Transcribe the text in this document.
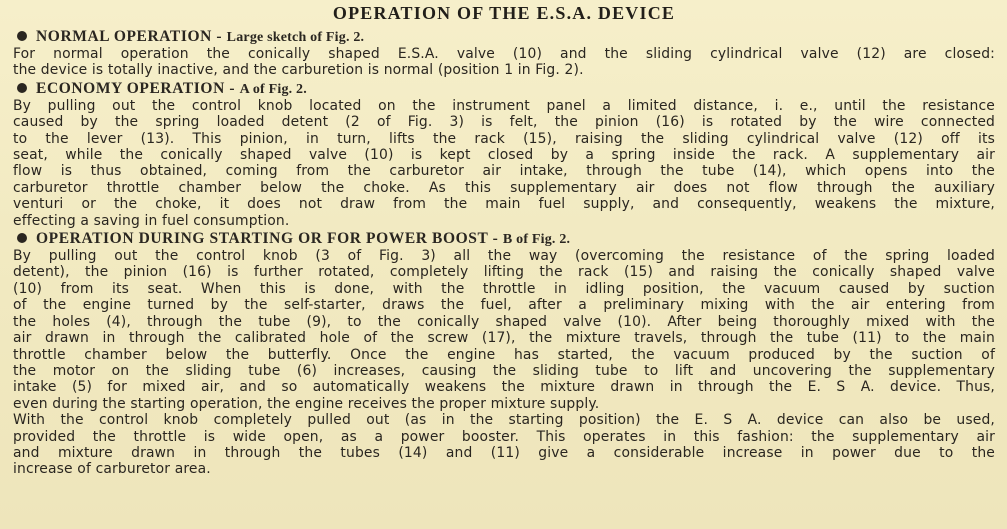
OPERATION OF THE E.S.A. DEVICE
NORMAL OPERATION - Large sketch of Fig. 2.
For normal operation the conically shaped E.S.A. valve (10) and the sliding cylindrical valve (12) are closed:
the device is totally inactive, and the carburetion is normal (position 1 in Fig. 2).
ECONOMY OPERATION - A of Fig. 2.
By pulling out the control knob located on the instrument panel a limited distance, i. e., until the resistance
caused by the spring loaded detent (2 of Fig. 3) is felt, the pinion (16) is rotated by the wire connected
to the lever (13). This pinion, in turn, lifts the rack (15), raising the sliding cylindrical valve (12) off its
seat, while the conically shaped valve (10) is kept closed by a spring inside the rack. A supplementary air
flow is thus obtained, coming from the carburetor air intake, through the tube (14), which opens into the
carburetor throttle chamber below the choke. As this supplementary air does not flow through the auxiliary
venturi or the choke, it does not draw from the main fuel supply, and consequently, weakens the mixture,
effecting a saving in fuel consumption.
OPERATION DURING STARTING OR FOR POWER BOOST - B of Fig. 2.
By pulling out the control knob (3 of Fig. 3) all the way (overcoming the resistance of the spring loaded
detent), the pinion (16) is further rotated, completely lifting the rack (15) and raising the conically shaped valve
(10) from its seat. When this is done, with the throttle in idling position, the vacuum caused by suction
of the engine turned by the self-starter, draws the fuel, after a preliminary mixing with the air entering from
the holes (4), through the tube (9), to the conically shaped valve (10). After being thoroughly mixed with the
air drawn in through the calibrated hole of the screw (17), the mixture travels, through the tube (11) to the main
throttle chamber below the butterfly. Once the engine has started, the vacuum produced by the suction of
the motor on the sliding tube (6) increases, causing the sliding tube to lift and uncovering the supplementary
intake (5) for mixed air, and so automatically weakens the mixture drawn in through the E. S A. device. Thus,
even during the starting operation, the engine receives the proper mixture supply.
With the control knob completely pulled out (as in the starting position) the E. S A. device can also be used,
provided the throttle is wide open, as a power booster. This operates in this fashion: the supplementary air
and mixture drawn in through the tubes (14) and (11) give a considerable increase in power due to the
increase of carburetor area.
